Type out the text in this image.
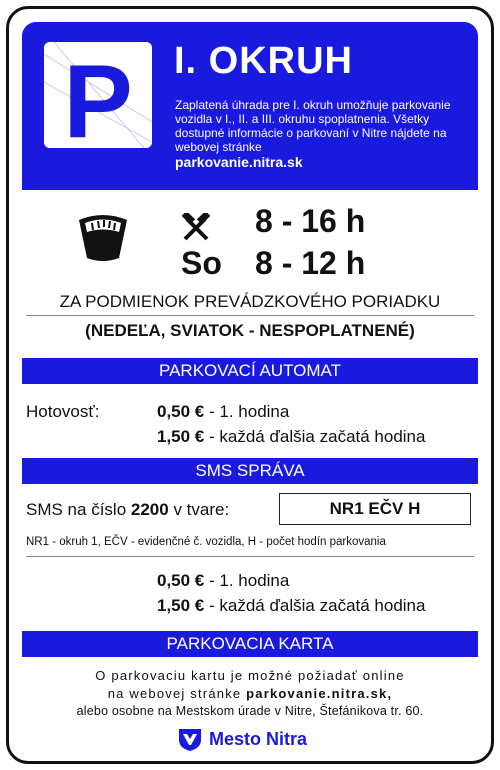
P I. OKRUH
Zaplatená úhrada pre I. okruh umožňuje parkovanie vozidla v I., II. a III. okruhu spoplatnenia. Všetky dostupné informácie o parkovaní v Nitre nájdete na webovej stránke
parkovanie.nitra.sk
8 - 16 h
So 8 - 12 h
ZA PODMIENOK PREVÁDZKOVÉHO PORIADKU
(NEDEĽA, SVIATOK - NESPOPLATNENÉ)
PARKOVACÍ AUTOMAT
Hotovosť:	0,50 € - 1. hodina
1,50 € - každá ďalšia začatá hodina
SMS SPRÁVA
SMS na číslo 2200 v tvare:	NR1 EČV H
NR1 - okruh 1, EČV - evidenčné č. vozidla, H - počet hodín parkovania
0,50 € - 1. hodina
1,50 € - každá ďalšia začatá hodina
PARKOVACIA KARTA
O parkovaciu kartu je možné požiadať online
na webovej stránke parkovanie.nitra.sk,
alebo osobne na Mestskom úrade v Nitre, Štefánikova tr. 60.
Mesto Nitra
